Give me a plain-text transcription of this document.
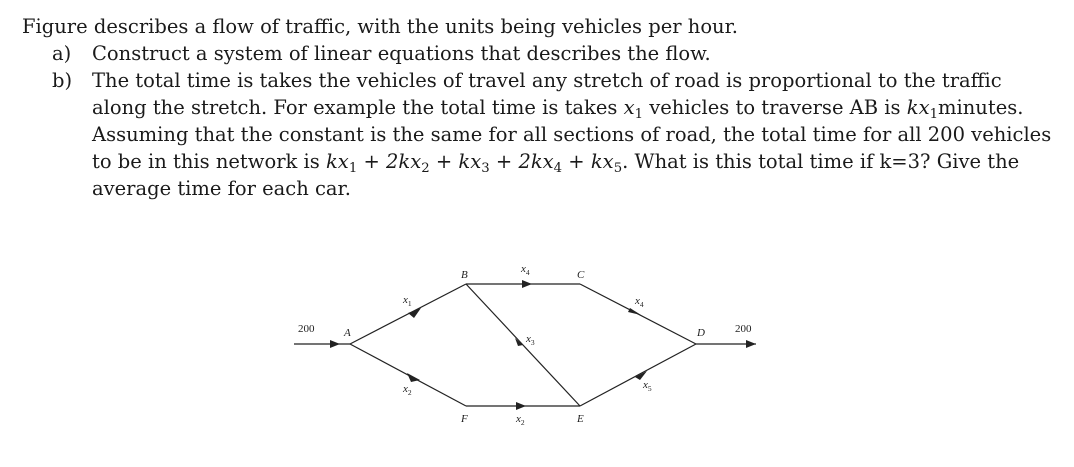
Figure describes a flow of traffic, with the units being vehicles per hour.

a)	Construct a system of linear equations that describes the flow.
b)	The total time is takes the vehicles of travel any stretch of road is proportional to the traffic
along the stretch. For example the total time is takes $x_1$ vehicles to traverse AB is $kx_1minutes$.
Assuming that the constant is the same for all sections of road, the total time for all 200 vehicles
to be in this network is $kx_1 + 2kx_2 + kx_3 + 2kx_4 + kx_5$. What is this total time if k=3? Give the
average time for each car.
200	A
$x_1$
$x_2$
B	$x_4$
$x_3$
C
$x_4$
F	$x_2$	E
$x_5$
D	200
